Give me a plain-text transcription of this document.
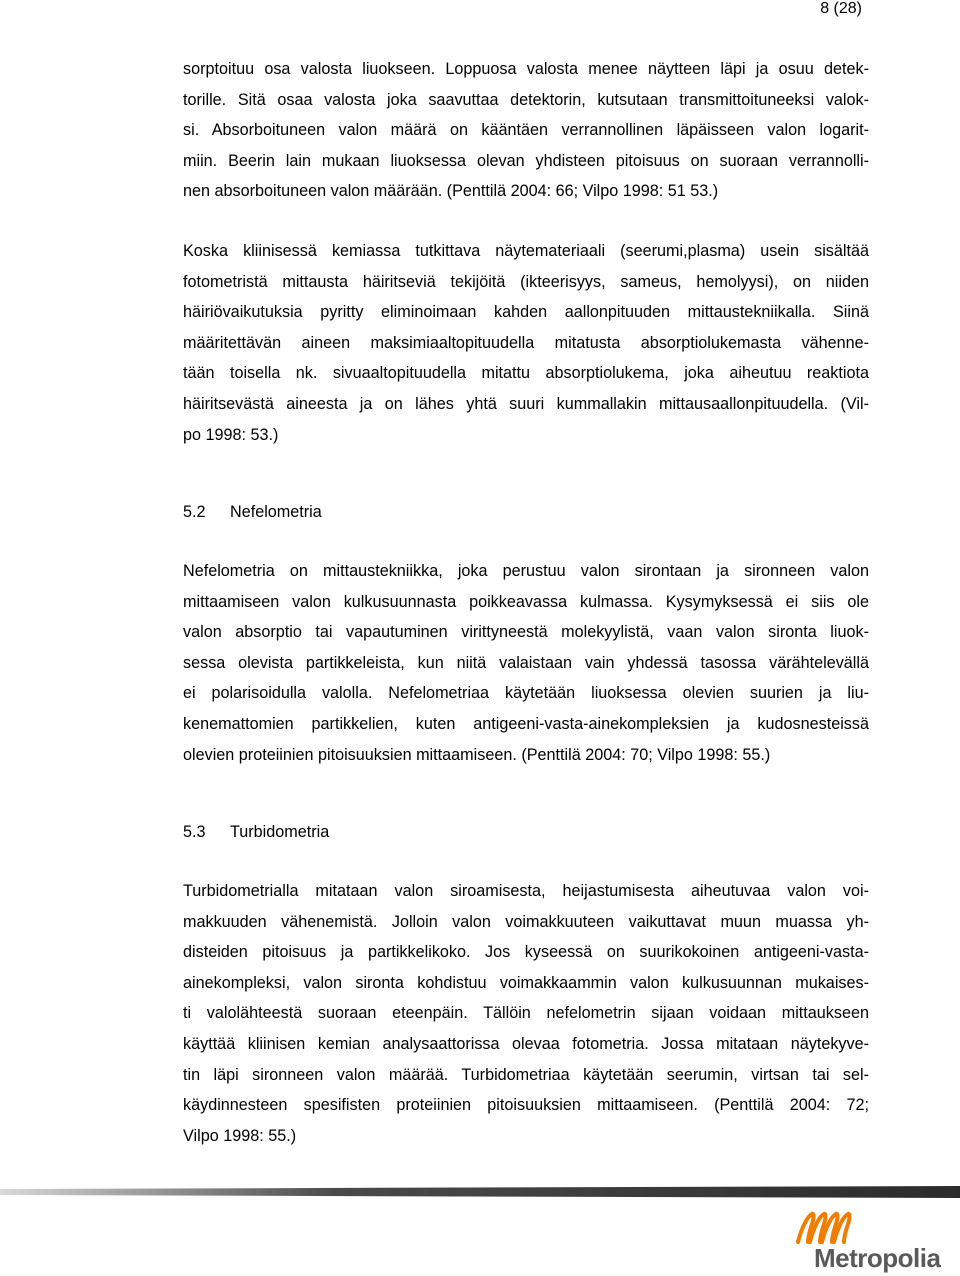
8 (28)
sorptoituu osa valosta liuokseen. Loppuosa valosta menee näytteen läpi ja osuu detek-
torille. Sitä osaa valosta joka saavuttaa detektorin, kutsutaan transmittoituneeksi valok-
si. Absorboituneen valon määrä on kääntäen verrannollinen läpäisseen valon logarit-
miin. Beerin lain mukaan liuoksessa olevan yhdisteen pitoisuus on suoraan verrannolli-
nen absorboituneen valon määrään. (Penttilä 2004: 66; Vilpo 1998: 51 53.)
Koska kliinisessä kemiassa tutkittava näytemateriaali (seerumi,plasma) usein sisältää
fotometristä mittausta häiritseviä tekijöitä (ikteerisyys, sameus, hemolyysi), on niiden
häiriövaikutuksia pyritty eliminoimaan kahden aallonpituuden mittaustekniikalla. Siinä
määritettävän aineen maksimiaaltopituudella mitatusta absorptiolukemasta vähenne-
tään toisella nk. sivuaaltopituudella mitattu absorptiolukema, joka aiheutuu reaktiota
häiritsevästä aineesta ja on lähes yhtä suuri kummallakin mittausaallonpituudella. (Vil-
po 1998: 53.)
5.2 Nefelometria
Nefelometria on mittaustekniikka, joka perustuu valon sirontaan ja sironneen valon
mittaamiseen valon kulkusuunnasta poikkeavassa kulmassa. Kysymyksessä ei siis ole
valon absorptio tai vapautuminen virittyneestä molekyylistä, vaan valon sironta liuok-
sessa olevista partikkeleista, kun niitä valaistaan vain yhdessä tasossa värähtelevällä
ei polarisoidulla valolla. Nefelometriaa käytetään liuoksessa olevien suurien ja liu-
kenemattomien partikkelien, kuten antigeeni-vasta-ainekompleksien ja kudosnesteissä
olevien proteiinien pitoisuuksien mittaamiseen. (Penttilä 2004: 70; Vilpo 1998: 55.)
5.3 Turbidometria
Turbidometrialla mitataan valon siroamisesta, heijastumisesta aiheutuvaa valon voi-
makkuuden vähenemistä. Jolloin valon voimakkuuteen vaikuttavat muun muassa yh-
disteiden pitoisuus ja partikkelikoko. Jos kyseessä on suurikokoinen antigeeni-vasta-
ainekompleksi, valon sironta kohdistuu voimakkaammin valon kulkusuunnan mukaises-
ti valolähteestä suoraan eteenpäin. Tällöin nefelometrin sijaan voidaan mittaukseen
käyttää kliinisen kemian analysaattorissa olevaa fotometria. Jossa mitataan näytekyve-
tin läpi sironneen valon määrää. Turbidometriaa käytetään seerumin, virtsan tai sel-
käydinnesteen spesifisten proteiinien pitoisuuksien mittaamiseen. (Penttilä 2004: 72;
Vilpo 1998: 55.)
Metropolia
